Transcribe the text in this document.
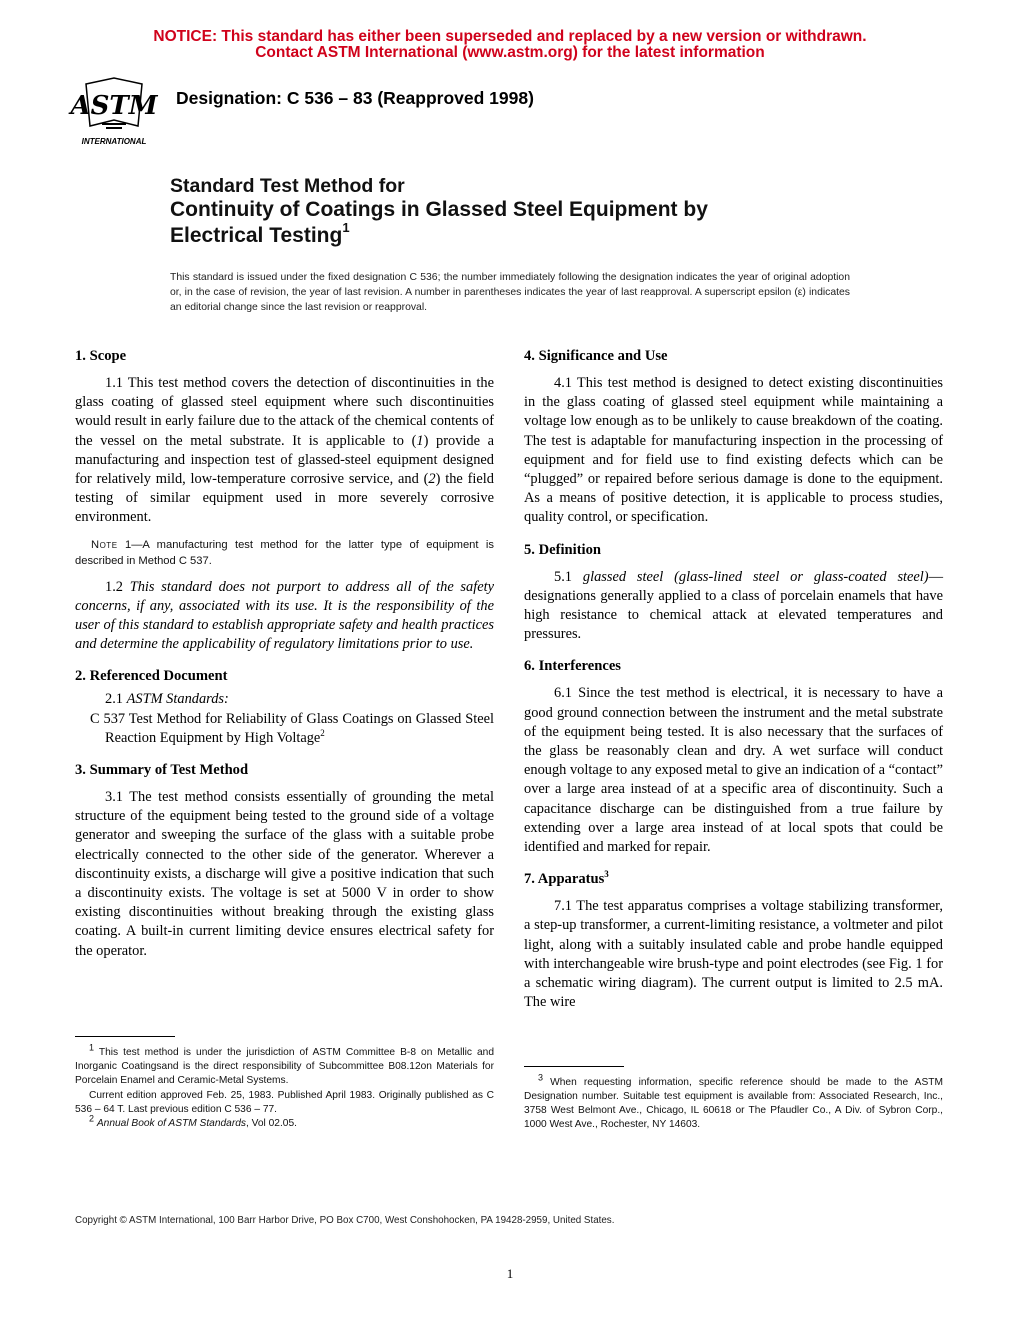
NOTICE: This standard has either been superseded and replaced by a new version or withdrawn.
Contact ASTM International (www.astm.org) for the latest information
ASTM
INTERNATIONAL
Designation: C 536 – 83 (Reapproved 1998)
Standard Test Method for
Continuity of Coatings in Glassed Steel Equipment by
Electrical Testing$^1$
This standard is issued under the fixed designation C 536; the number immediately following the designation indicates the year of original adoption or, in the case of revision, the year of last revision. A number in parentheses indicates the year of last reapproval. A superscript epsilon (ε) indicates an editorial change since the last revision or reapproval.
1. Scope

1.1 This test method covers the detection of discontinuities in the glass coating of glassed steel equipment where such discontinuities would result in early failure due to the attack of the chemical contents of the vessel on the metal substrate. It is applicable to (1) provide a manufacturing and inspection test of glassed-steel equipment designed for relatively mild, low-temperature corrosive service, and (2) the field testing of similar equipment used in more severely corrosive environment.

Note 1—A manufacturing test method for the latter type of equipment is described in Method C 537.

1.2 This standard does not purport to address all of the safety concerns, if any, associated with its use. It is the responsibility of the user of this standard to establish appropriate safety and health practices and determine the applicability of regulatory limitations prior to use.

2. Referenced Document

2.1 ASTM Standards:

C 537 Test Method for Reliability of Glass Coatings on Glassed Steel Reaction Equipment by High Voltage$^2$

3. Summary of Test Method

3.1 The test method consists essentially of grounding the metal structure of the equipment being tested to the ground side of a voltage generator and sweeping the surface of the glass with a suitable probe electrically connected to the other side of the generator. Wherever a discontinuity exists, a discharge will give a positive indication that such a discontinuity exists. The voltage is set at 5000 V in order to show existing discontinuities without breaking through the existing glass coating. A built-in current limiting device ensures electrical safety for the operator.

$^1$ This test method is under the jurisdiction of ASTM Committee B-8 on Metallic and Inorganic Coatingsand is the direct responsibility of Subcommittee B08.12on Materials for Porcelain Enamel and Ceramic-Metal Systems.

Current edition approved Feb. 25, 1983. Published April 1983. Originally published as C 536 – 64 T. Last previous edition C 536 – 77.

$^2$ Annual Book of ASTM Standards, Vol 02.05.

4. Significance and Use

4.1 This test method is designed to detect existing discontinuities in the glass coating of glassed steel equipment while maintaining a voltage low enough as to be unlikely to cause breakdown of the coating. The test is adaptable for manufacturing inspection in the processing of equipment and for field use to find existing defects which can be “plugged” or repaired before serious damage is done to the equipment. As a means of positive detection, it is applicable to process studies, quality control, or specification.

5. Definition

5.1 glassed steel (glass-lined steel or glass-coated steel)—designations generally applied to a class of porcelain enamels that have high resistance to chemical attack at elevated temperatures and pressures.

6. Interferences

6.1 Since the test method is electrical, it is necessary to have a good ground connection between the instrument and the metal substrate of the equipment being tested. It is also necessary that the surfaces of the glass be reasonably clean and dry. A wet surface will conduct enough voltage to any exposed metal to give an indication of a “contact” over a large area instead of at a specific area of discontinuity. Such a capacitance discharge can be distinguished from a true failure by extending over a large area instead of at local spots that could be identified and marked for repair.

7. Apparatus$^3$

7.1 The test apparatus comprises a voltage stabilizing transformer, a step-up transformer, a current-limiting resistance, a voltmeter and pilot light, along with a suitably insulated cable and probe handle equipped with interchangeable wire brush-type and point electrodes (see Fig. 1 for a schematic wiring diagram). The current output is limited to 2.5 mA. The wire

$^3$ When requesting information, specific reference should be made to the ASTM Designation number. Suitable test equipment is available from: Associated Research, Inc., 3758 West Belmont Ave., Chicago, IL 60618 or The Pfaudler Co., A Div. of Sybron Corp., 1000 West Ave., Rochester, NY 14603.

Copyright © ASTM International, 100 Barr Harbor Drive, PO Box C700, West Conshohocken, PA 19428-2959, United States.
1
